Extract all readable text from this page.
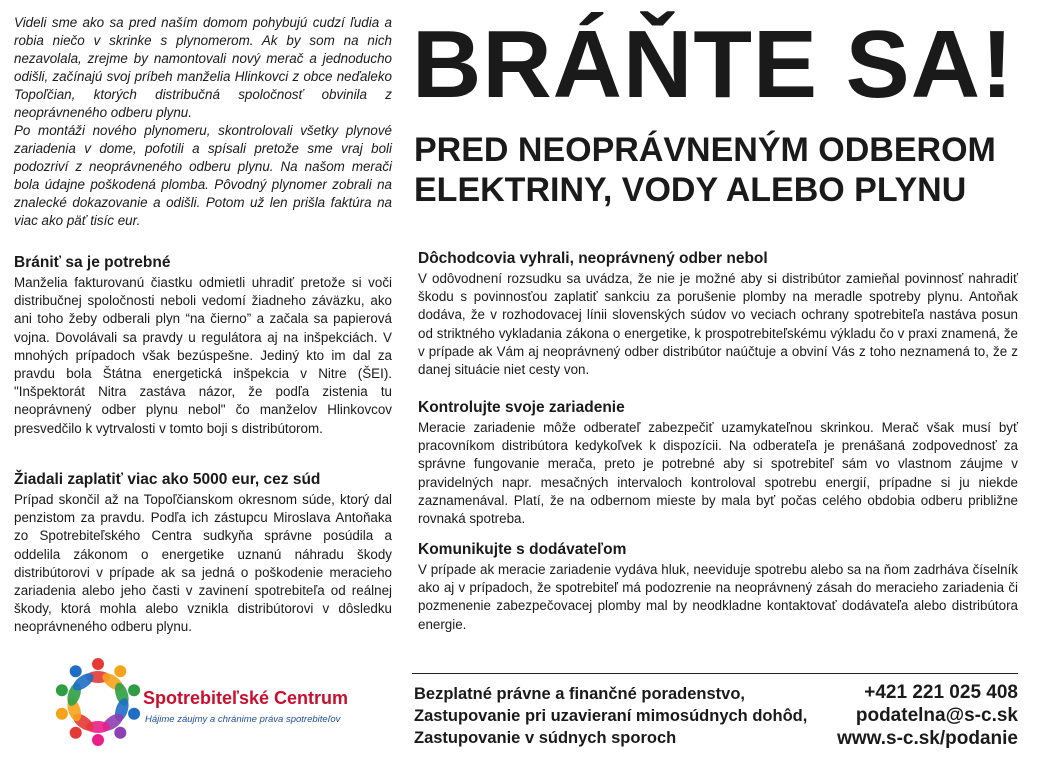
Videli sme ako sa pred naším domom pohybujú cudzí ľudia a robia niečo v skrinke s plynomerom. Ak by som na nich nezavolala, zrejme by namontovali nový merač a jednoducho odišli, začínajú svoj príbeh manželia Hlinkovci z obce neďaleko Topoľčian, ktorých distribučná spoločnosť obvinila z neoprávneného odberu plynu.

Po montáži nového plynomeru, skontrolovali všetky plynové zariadenia v dome, pofotili a spísali pretože sme vraj boli podozriví z neoprávneného odberu plynu. Na našom merači bola údajne poškodená plomba. Pôvodný plynomer zobrali na znalecké dokazovanie a odišli. Potom už len prišla faktúra na viac ako päť tisíc eur.

BRÁŇTE SA!
PRED NEOPRÁVNENÝM ODBEROM ELEKTRINY, VODY ALEBO PLYNU
Brániť sa je potrebné

Manželia fakturovanú čiastku odmietli uhradiť pretože si voči distribučnej spoločnosti neboli vedomí žiadneho záväzku, ako ani toho žeby odberali plyn “na čierno” a začala sa papierová vojna. Dovolávali sa pravdy u regulátora aj na inšpekciách. V mnohých prípadoch však bezúspešne. Jediný kto im dal za pravdu bola Štátna energetická inšpekcia v Nitre (ŠEI). "Inšpektorát Nitra zastáva názor, že podľa zistenia tu neoprávnený odber plynu nebol" čo manželov Hlinkovcov presvedčilo k vytrvalosti v tomto boji s distribútorom.

Žiadali zaplatiť viac ako 5000 eur, cez súd

Prípad skončil až na Topoľčianskom okresnom súde, ktorý dal penzistom za pravdu. Podľa ich zástupcu Miroslava Antoňaka zo Spotrebiteľského Centra sudkyňa správne posúdila a oddelila zákonom o energetike uznanú náhradu škody distribútorovi v prípade ak sa jedná o poškodenie meracieho zariadenia alebo jeho časti v zavinení spotrebiteľa od reálnej škody, ktorá mohla alebo vznikla distribútorovi v dôsledku neoprávneného odberu plynu.

Dôchodcovia vyhrali, neoprávnený odber nebol

V odôvodnení rozsudku sa uvádza, že nie je možné aby si distribútor zamieňal povinnosť nahradiť škodu s povinnosťou zaplatiť sankciu za porušenie plomby na meradle spotreby plynu. Antoňak dodáva, že v rozhodovacej línii slovenských súdov vo veciach ochrany spotrebiteľa nastáva posun od striktného vykladania zákona o energetike, k prospotrebiteľskému výkladu čo v praxi znamená, že v prípade ak Vám aj neoprávnený odber distribútor naúčtuje a obviní Vás z toho neznamená to, že z danej situácie niet cesty von.

Kontrolujte svoje zariadenie

Meracie zariadenie môže odberateľ zabezpečiť uzamykateľnou skrinkou. Merač však musí byť pracovníkom distribútora kedykoľvek k dispozícii. Na odberateľa je prenášaná zodpovednosť za správne fungovanie merača, preto je potrebné aby si spotrebiteľ sám vo vlastnom záujme v pravidelných napr. mesačných intervaloch kontroloval spotrebu energií, prípadne si ju niekde zaznamenával. Platí, že na odbernom mieste by mala byť počas celého obdobia odberu približne rovnaká spotreba.

Komunikujte s dodávateľom

V prípade ak meracie zariadenie vydáva hluk, neeviduje spotrebu alebo sa na ňom zadrháva číselník ako aj v prípadoch, že spotrebiteľ má podozrenie na neoprávnený zásah do meracieho zariadenia či pozmenenie zabezpečovacej plomby mal by neodkladne kontaktovať dodávateľa alebo distribútora energie.

Bezplatné právne a finančné poradenstvo,
Zastupovanie pri uzavieraní mimosúdnych dohôd,
Zastupovanie v súdnych sporoch
+421 221 025 408
podatelna@s-c.sk
www.s-c.sk/podanie
Spotrebiteľské Centrum
Hájime záujmy a chránime práva spotrebiteľov
